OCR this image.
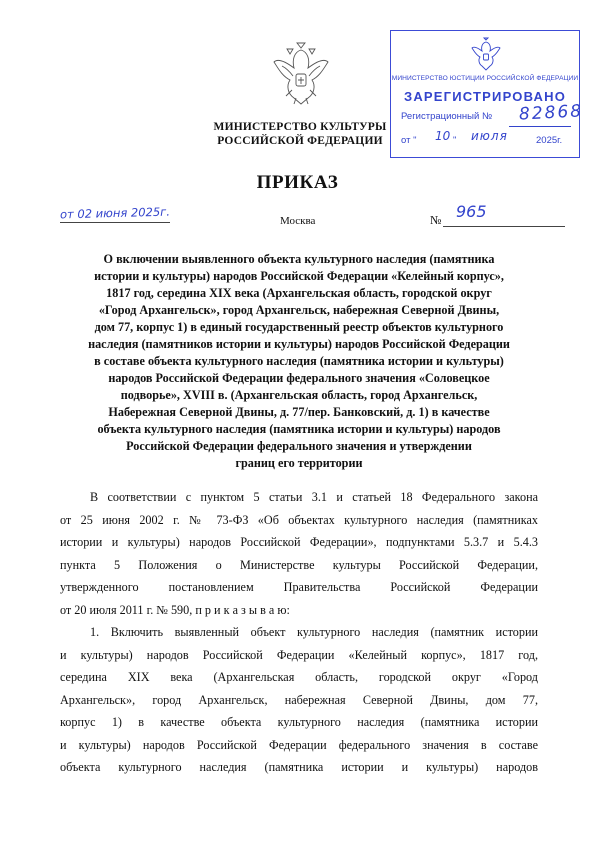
МИНИСТЕРСТВО КУЛЬТУРЫ
РОССИЙСКОЙ ФЕДЕРАЦИИ
МИНИСТЕРСТВО ЮСТИЦИИ РОССИЙСКОЙ ФЕДЕРАЦИИ
ЗАРЕГИСТРИРОВАНО
Регистрационный № 82868
от " 10 " июля	2025г.
ПРИКАЗ
от 02 июня 2025г.	Москва	№ 965
О включении выявленного объекта культурного наследия (памятника
истории и культуры) народов Российской Федерации «Келейный корпус»,
1817 год, середина XIX века (Архангельская область, городской округ
«Город Архангельск», город Архангельск, набережная Северной Двины,
дом 77, корпус 1) в единый государственный реестр объектов культурного
наследия (памятников истории и культуры) народов Российской Федерации
в составе объекта культурного наследия (памятника истории и культуры)
народов Российской Федерации федерального значения «Соловецкое
подворье», XVIII в. (Архангельская область, город Архангельск,
Набережная Северной Двины, д. 77/пер. Банковский, д. 1) в качестве
объекта культурного наследия (памятника истории и культуры) народов
Российской Федерации федерального значения и утверждении
границ его территории
В соответствии с пунктом 5 статьи 3.1 и статьей 18 Федерального закона
от 25 июня 2002 г. № 73-ФЗ «Об объектах культурного наследия (памятниках
истории и культуры) народов Российской Федерации», подпунктами 5.3.7 и 5.4.3
пункта 5 Положения о Министерстве культуры Российской Федерации,
утвержденного постановлением Правительства Российской Федерации
от 20 июля 2011 г. № 590, п р и к а з ы в а ю:
1. Включить выявленный объект культурного наследия (памятник истории
и культуры) народов Российской Федерации «Келейный корпус», 1817 год,
середина XIX века (Архангельская область, городской округ «Город
Архангельск», город Архангельск, набережная Северной Двины, дом 77,
корпус 1) в качестве объекта культурного наследия (памятника истории
и культуры) народов Российской Федерации федерального значения в составе
объекта культурного наследия (памятника истории и культуры) народов
